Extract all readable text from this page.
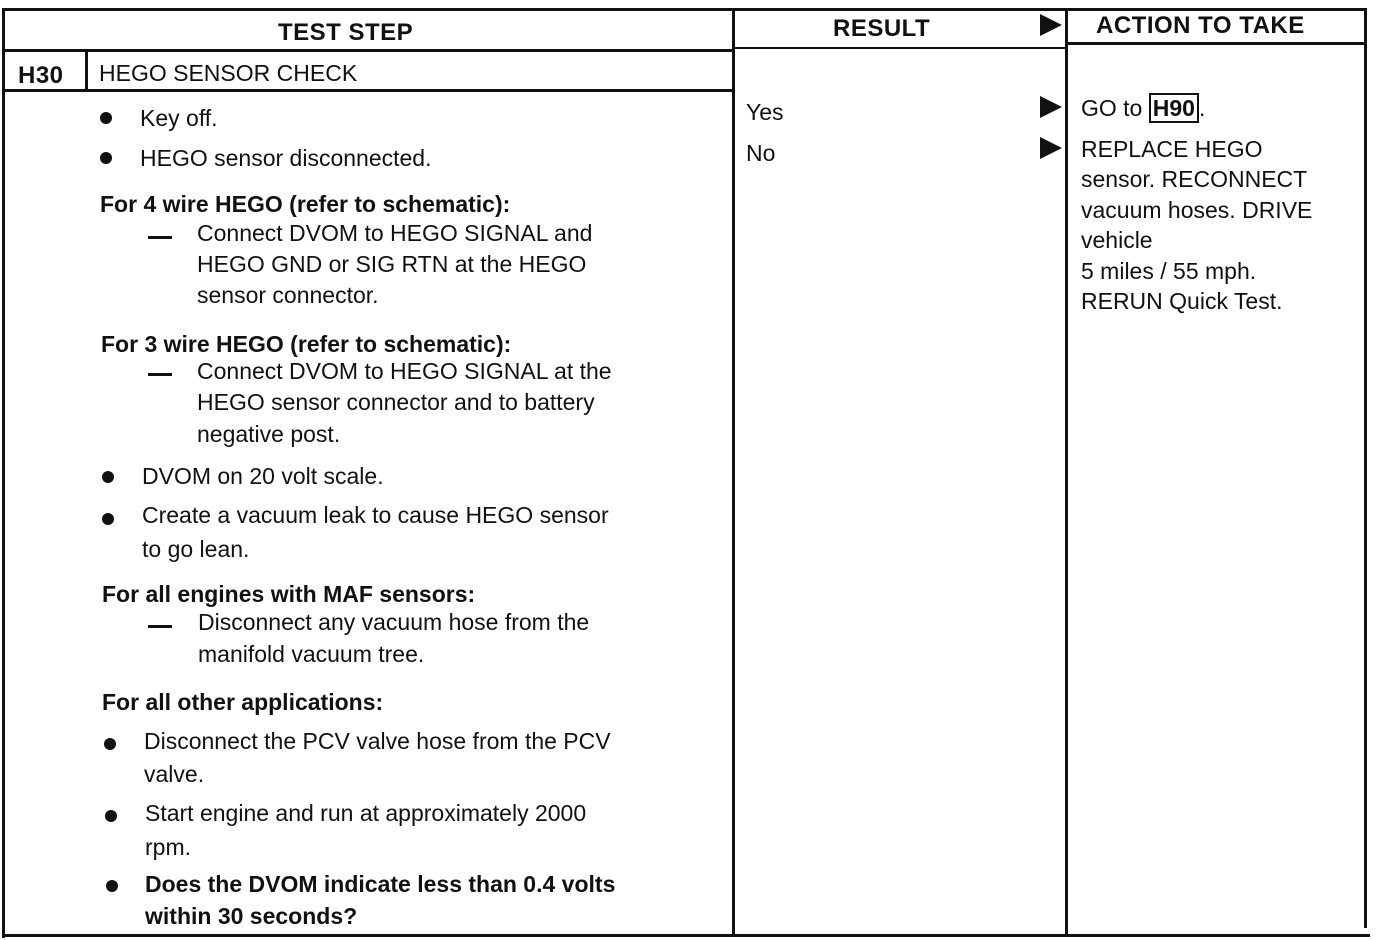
TEST STEP	RESULT	ACTION TO TAKE
H30 HEGO SENSOR CHECK
Key off.
HEGO sensor disconnected.
For 4 wire HEGO (refer to schematic):
Connect DVOM to HEGO SIGNAL and
HEGO GND or SIG RTN at the HEGO
sensor connector.
For 3 wire HEGO (refer to schematic):
Connect DVOM to HEGO SIGNAL at the
HEGO sensor connector and to battery
negative post.
DVOM on 20 volt scale.
Create a vacuum leak to cause HEGO sensor
to go lean.
For all engines with MAF sensors:
Disconnect any vacuum hose from the
manifold vacuum tree.
For all other applications:
Disconnect the PCV valve hose from the PCV
valve.
Start engine and run at approximately 2000
rpm.
Does the DVOM indicate less than 0.4 volts
within 30 seconds?
Yes
No
GO to H90 .
REPLACE HEGO
sensor. RECONNECT
vacuum hoses. DRIVE
vehicle
5 miles / 55 mph.
RERUN Quick Test.
